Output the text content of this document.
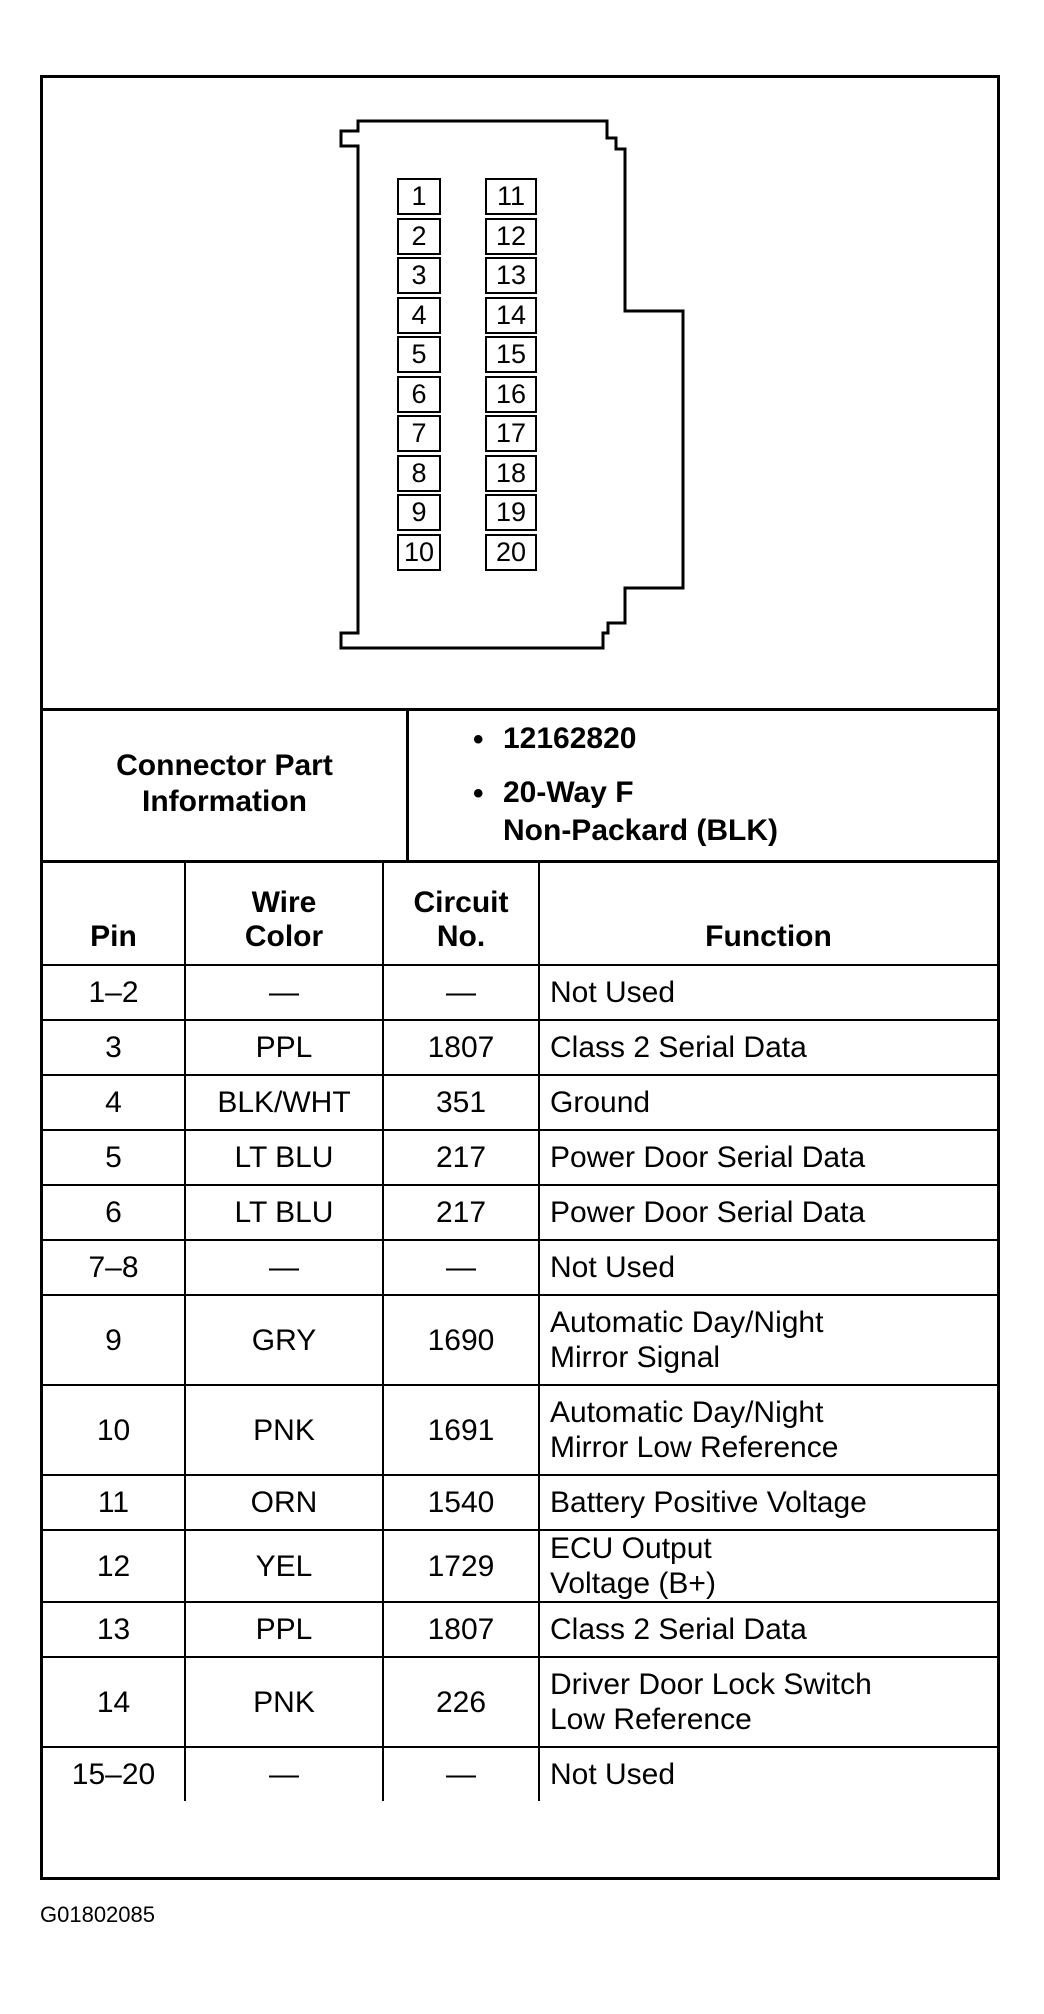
1
2
3
4
5
6
7
8
9
10
11
12
13
14
15
16
17
18
19
20
Connector Part Information
• 12162820
• 20-Way F
Non-Packard (BLK)
Pin	Wire Color	Circuit No.	Function
1–2	—	—	Not Used
3	PPL	1807	Class 2 Serial Data
4	BLK/WHT	351	Ground
5	LT BLU	217	Power Door Serial Data
6	LT BLU	217	Power Door Serial Data
7–8	—	—	Not Used
9	GRY	1690	Automatic Day/Night
Mirror Signal
10	PNK	1691	Automatic Day/Night
Mirror Low Reference
11	ORN	1540	Battery Positive Voltage
12	YEL	1729	ECU Output
Voltage (B+)
13	PPL	1807	Class 2 Serial Data
14	PNK	226	Driver Door Lock Switch
Low Reference
15–20	—	—	Not Used
G01802085
